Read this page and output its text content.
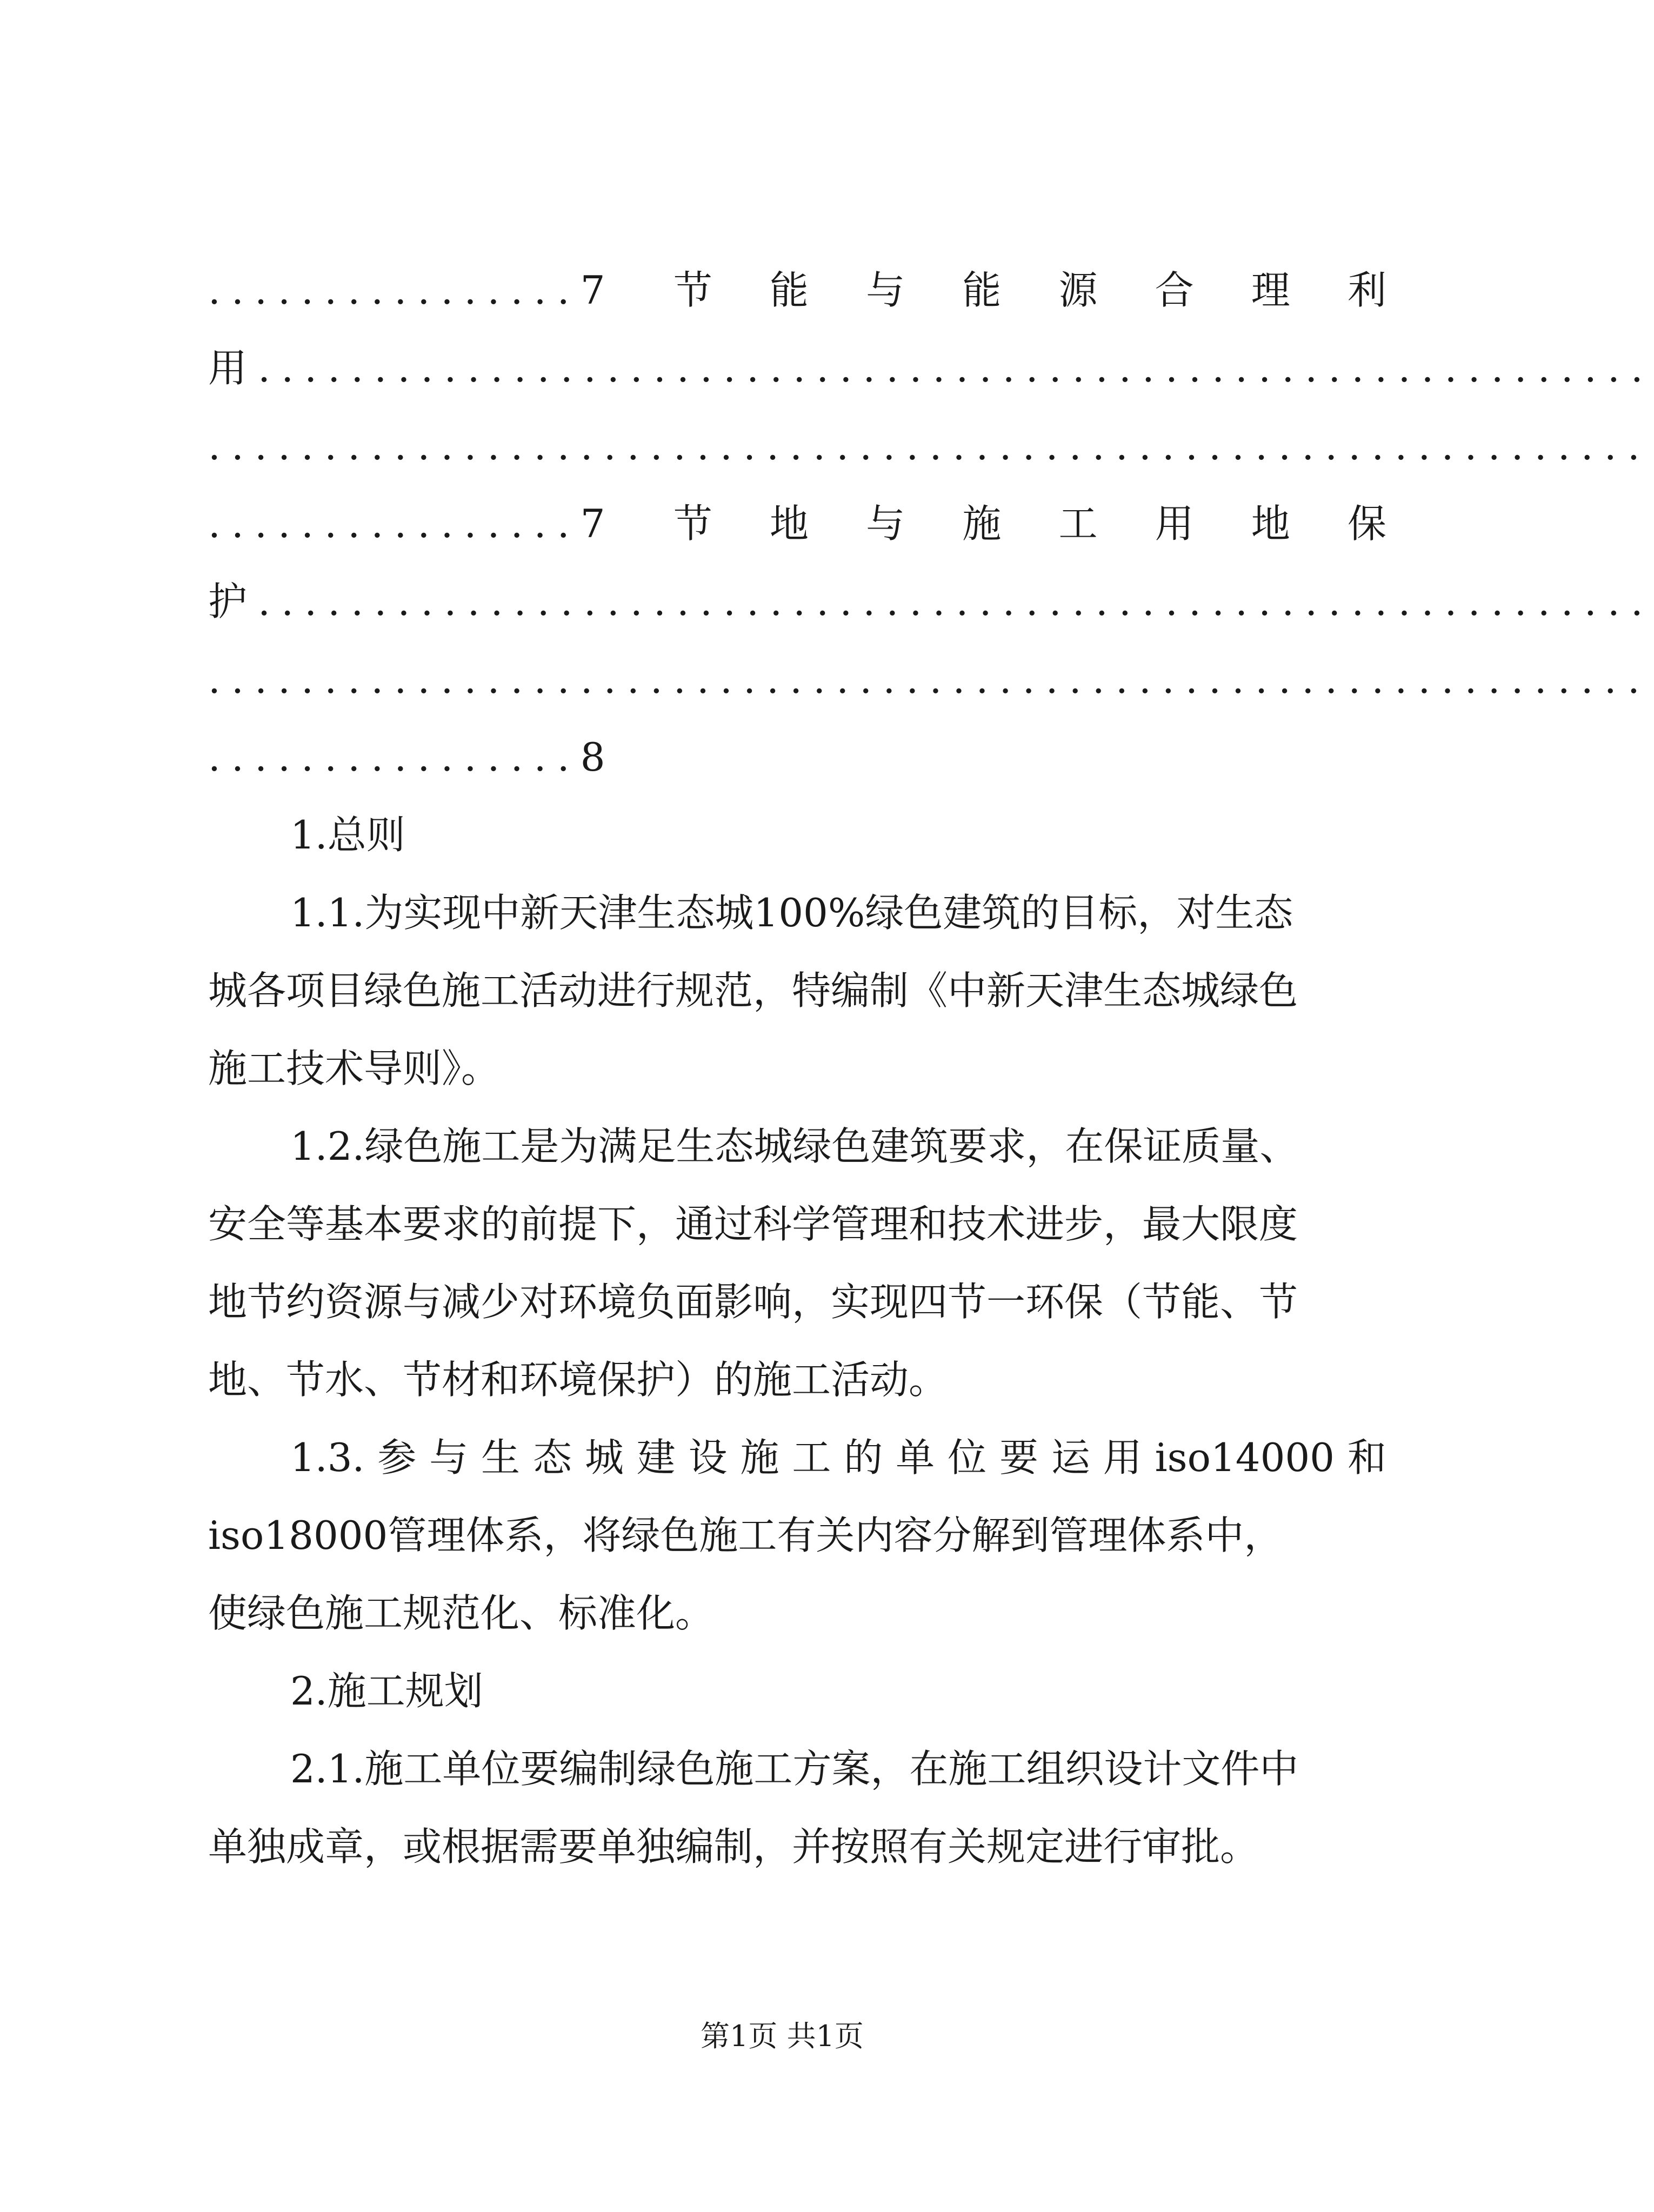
................7 节 能 与 能 源 合 理 利
用............................................................
..............................................................
................7 节 地 与 施 工 用 地 保
护............................................................
..............................................................
................8
1.总则
1.1.为实现中新天津生态城100%绿色建筑的目标，对生态
城各项目绿色施工活动进行规范，特编制《中新天津生态城绿色
施工技术导则》。
1.2.绿色施工是为满足生态城绿色建筑要求，在保证质量、
安全等基本要求的前提下，通过科学管理和技术进步，最大限度
地节约资源与减少对环境负面影响，实现四节一环保（节能、节
地、节水、节材和环境保护）的施工活动。
1.3. 参 与 生 态 城 建 设 施 工 的 单 位 要 运 用 iso14000 和
iso18000管理体系，将绿色施工有关内容分解到管理体系中，
使绿色施工规范化、标准化。
2.施工规划
2.1.施工单位要编制绿色施工方案，在施工组织设计文件中
单独成章，或根据需要单独编制，并按照有关规定进行审批。
第1页 共1页
